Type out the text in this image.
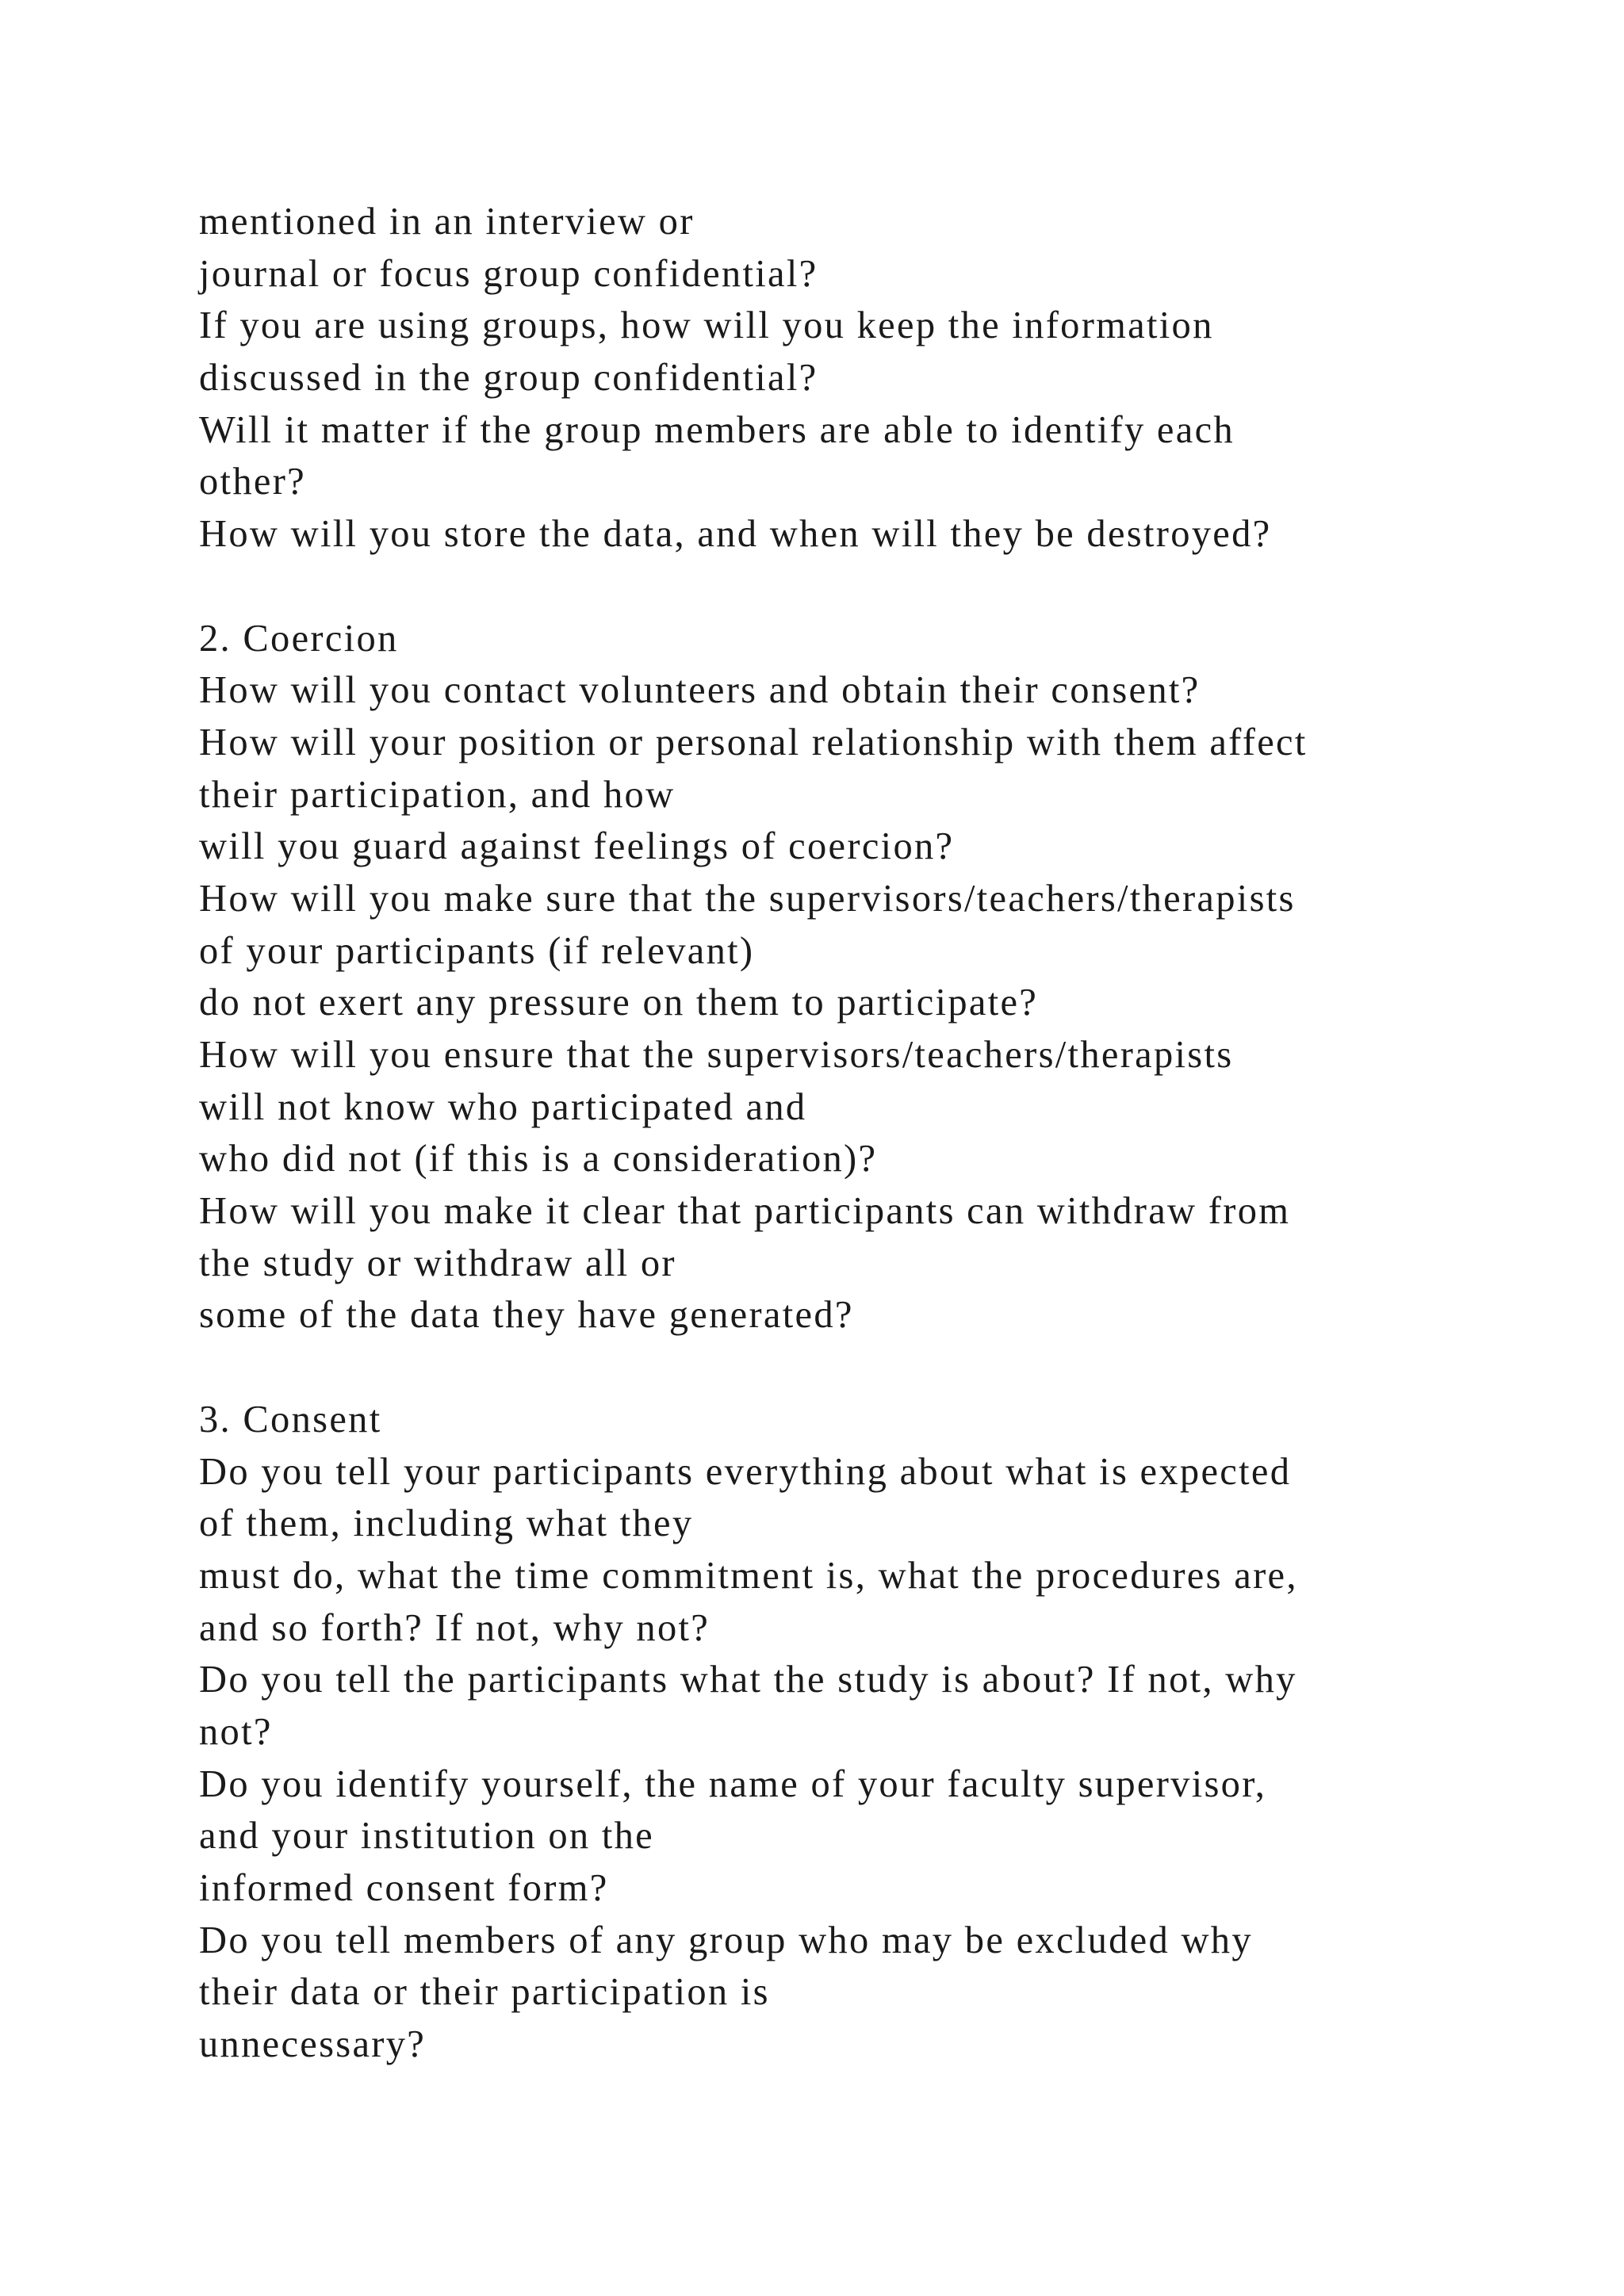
mentioned in an interview or
journal or focus group confidential?
If you are using groups, how will you keep the information
discussed in the group confidential?
Will it matter if the group members are able to identify each
other?
How will you store the data, and when will they be destroyed?
2. Coercion
How will you contact volunteers and obtain their consent?
How will your position or personal relationship with them affect
their participation, and how
will you guard against feelings of coercion?
How will you make sure that the supervisors/teachers/therapists
of your participants (if relevant)
do not exert any pressure on them to participate?
How will you ensure that the supervisors/teachers/therapists
will not know who participated and
who did not (if this is a consideration)?
How will you make it clear that participants can withdraw from
the study or withdraw all or
some of the data they have generated?
3. Consent
Do you tell your participants everything about what is expected
of them, including what they
must do, what the time commitment is, what the procedures are,
and so forth? If not, why not?
Do you tell the participants what the study is about? If not, why
not?
Do you identify yourself, the name of your faculty supervisor,
and your institution on the
informed consent form?
Do you tell members of any group who may be excluded why
their data or their participation is
unnecessary?
